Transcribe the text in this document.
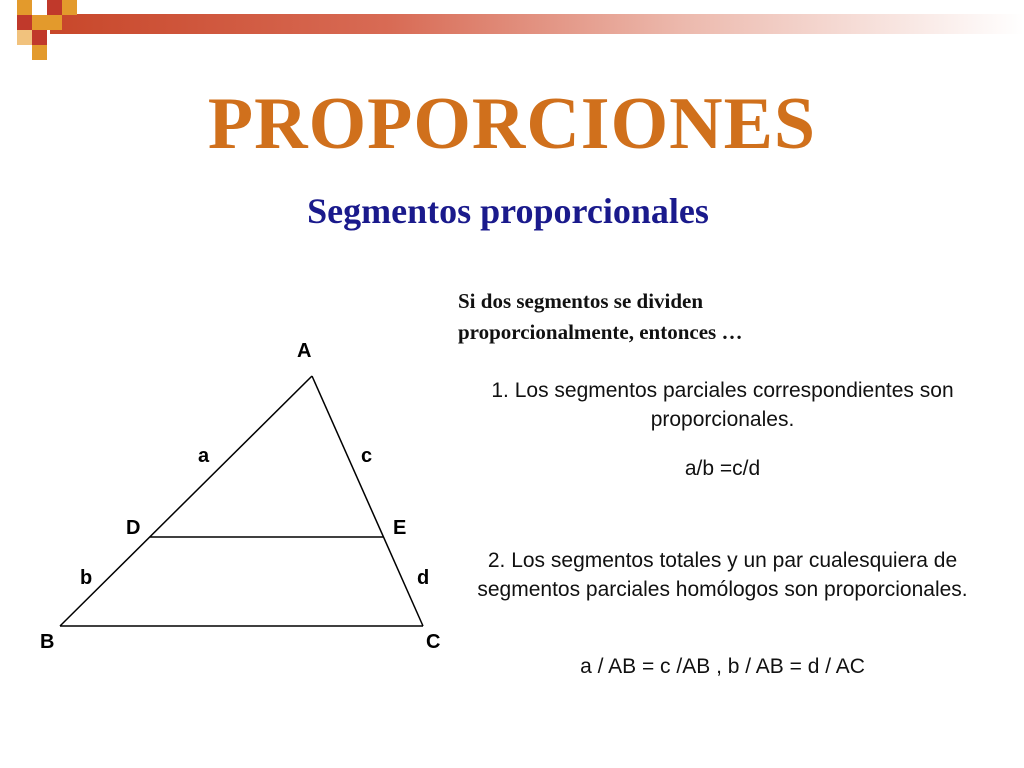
PROPORCIONES
Segmentos proporcionales
Si dos segmentos se dividen proporcionalmente, entonces …
1. Los segmentos parciales correspondientes son proporcionales.
a/b =c/d
2. Los segmentos totales y un par cualesquiera de segmentos parciales homólogos son proporcionales.
a / AB = c /AB , b / AB = d / AC
A
B	C
D	E
a
b
c
d
